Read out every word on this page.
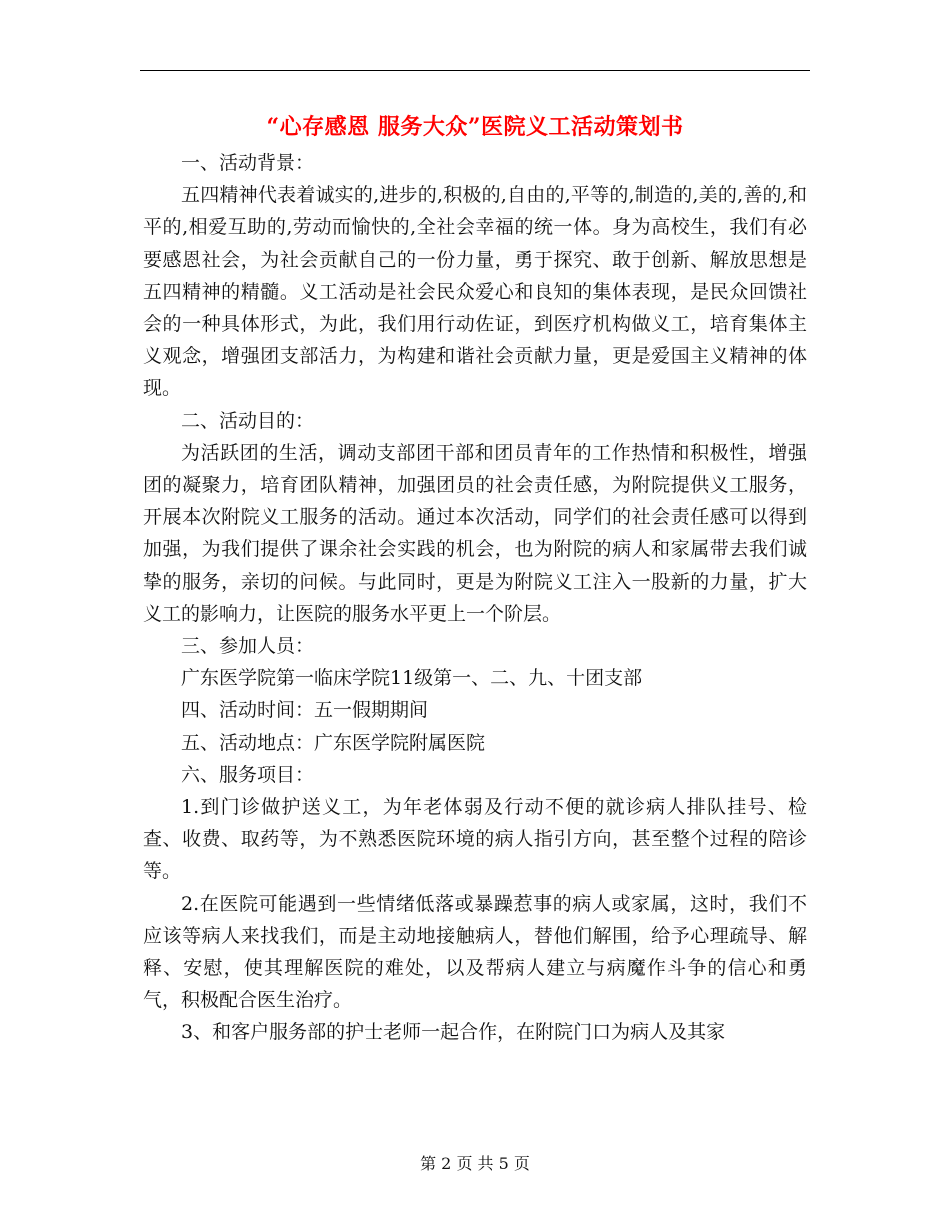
“心存感恩 服务大众”医院义工活动策划书

一、活动背景：

五四精神代表着诚实的,进步的,积极的,自由的,平等的,制造的,美的,善的,和平的,相爱互助的,劳动而愉快的,全社会幸福的统一体。身为高校生，我们有必要感恩社会，为社会贡献自己的一份力量，勇于探究、敢于创新、解放思想是五四精神的精髓。义工活动是社会民众爱心和良知的集体表现，是民众回馈社会的一种具体形式，为此，我们用行动佐证，到医疗机构做义工，培育集体主义观念，增强团支部活力，为构建和谐社会贡献力量，更是爱国主义精神的体现。

二、活动目的：

为活跃团的生活，调动支部团干部和团员青年的工作热情和积极性，增强团的凝聚力，培育团队精神，加强团员的社会责任感，为附院提供义工服务，开展本次附院义工服务的活动。通过本次活动，同学们的社会责任感可以得到加强，为我们提供了课余社会实践的机会，也为附院的病人和家属带去我们诚挚的服务，亲切的问候。与此同时，更是为附院义工注入一股新的力量，扩大义工的影响力，让医院的服务水平更上一个阶层。

三、参加人员：

广东医学院第一临床学院11级第一、二、九、十团支部

四、活动时间：五一假期期间

五、活动地点：广东医学院附属医院

六、服务项目：

1.到门诊做护送义工，为年老体弱及行动不便的就诊病人排队挂号、检查、收费、取药等，为不熟悉医院环境的病人指引方向，甚至整个过程的陪诊等。

2.在医院可能遇到一些情绪低落或暴躁惹事的病人或家属，这时，我们不应该等病人来找我们，而是主动地接触病人，替他们解围，给予心理疏导、解释、安慰，使其理解医院的难处，以及帮病人建立与病魔作斗争的信心和勇气，积极配合医生治疗。

3、和客户服务部的护士老师一起合作，在附院门口为病人及其家

第 2 页 共 5 页
